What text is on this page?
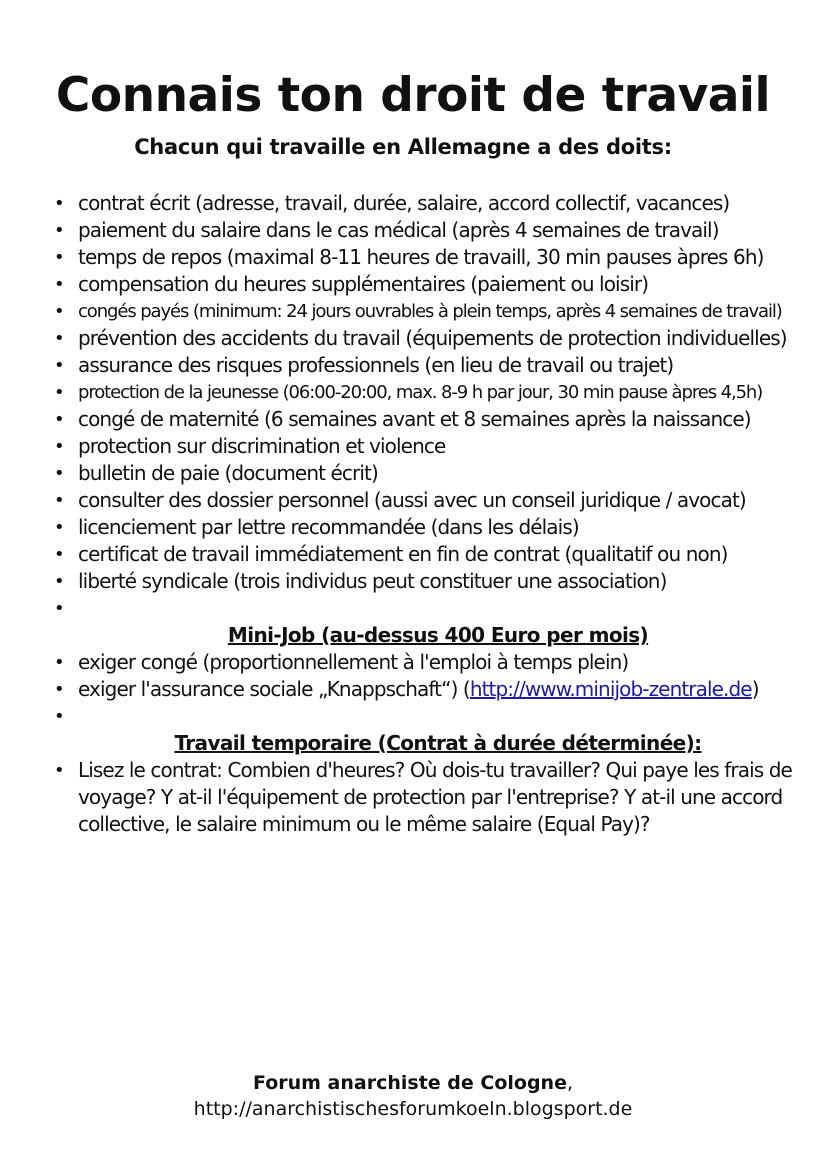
Connais ton droit de travail
Chacun qui travaille en Allemagne a des doits:
• contrat écrit (adresse, travail, durée, salaire, accord collectif, vacances)
• paiement du salaire dans le cas médical (après 4 semaines de travail)
• temps de repos (maximal 8-11 heures de travaill, 30 min pauses àpres 6h)
• compensation du heures supplémentaires (paiement ou loisir)
• congés payés (minimum: 24 jours ouvrables à plein temps, après 4 semaines de travail)
• prévention des accidents du travail (équipements de protection individuelles)
• assurance des risques professionnels (en lieu de travail ou trajet)
• protection de la jeunesse (06:00-20:00, max. 8-9 h par jour, 30 min pause àpres 4,5h)
• congé de maternité (6 semaines avant et 8 semaines après la naissance)
• protection sur discrimination et violence
• bulletin de paie (document écrit)
• consulter des dossier personnel (aussi avec un conseil juridique / avocat)
• licenciement par lettre recommandée (dans les délais)
• certificat de travail immédiatement en fin de contrat (qualitatif ou non)
• liberté syndicale (trois individus peut constituer une association)
•
Mini-Job (au-dessus 400 Euro per mois)
• exiger congé (proportionnellement à l'emploi à temps plein)
• exiger l'assurance sociale „Knappschaft“) (http://www.minijob-zentrale.de)
•
Travail temporaire (Contrat à durée déterminée):
• Lisez le contrat: Combien d'heures? Où dois-tu travailler? Qui paye les frais de voyage? Y at-il l'équipement de protection par l'entreprise? Y at-il une accord collective, le salaire minimum ou le même salaire (Equal Pay)?
Forum anarchiste de Cologne,
http://anarchistischesforumkoeln.blogsport.de
